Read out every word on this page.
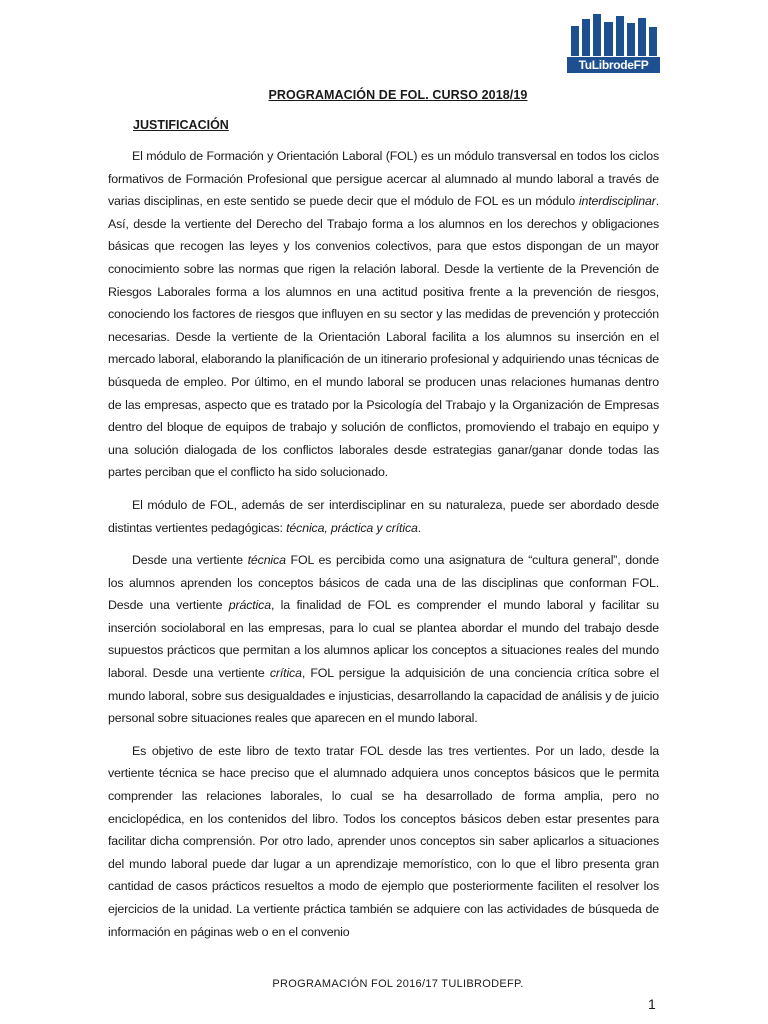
TuLibrodeFP
PROGRAMACIÓN DE FOL. CURSO 2018/19
JUSTIFICACIÓN

El módulo de Formación y Orientación Laboral (FOL) es un módulo transversal en todos los ciclos formativos de Formación Profesional que persigue acercar al alumnado al mundo laboral a través de varias disciplinas, en este sentido se puede decir que el módulo de FOL es un módulo interdisciplinar. Así, desde la vertiente del Derecho del Trabajo forma a los alumnos en los derechos y obligaciones básicas que recogen las leyes y los convenios colectivos, para que estos dispongan de un mayor conocimiento sobre las normas que rigen la relación laboral. Desde la vertiente de la Prevención de Riesgos Laborales forma a los alumnos en una actitud positiva frente a la prevención de riesgos, conociendo los factores de riesgos que influyen en su sector y las medidas de prevención y protección necesarias. Desde la vertiente de la Orientación Laboral facilita a los alumnos su inserción en el mercado laboral, elaborando la planificación de un itinerario profesional y adquiriendo unas técnicas de búsqueda de empleo. Por último, en el mundo laboral se producen unas relaciones humanas dentro de las empresas, aspecto que es tratado por la Psicología del Trabajo y la Organización de Empresas dentro del bloque de equipos de trabajo y solución de conflictos, promoviendo el trabajo en equipo y una solución dialogada de los conflictos laborales desde estrategias ganar/ganar donde todas las partes perciban que el conflicto ha sido solucionado.

El módulo de FOL, además de ser interdisciplinar en su naturaleza, puede ser abordado desde distintas vertientes pedagógicas: técnica, práctica y crítica.

Desde una vertiente técnica FOL es percibida como una asignatura de “cultura general”, donde los alumnos aprenden los conceptos básicos de cada una de las disciplinas que conforman FOL. Desde una vertiente práctica, la finalidad de FOL es comprender el mundo laboral y facilitar su inserción sociolaboral en las empresas, para lo cual se plantea abordar el mundo del trabajo desde supuestos prácticos que permitan a los alumnos aplicar los conceptos a situaciones reales del mundo laboral. Desde una vertiente crítica, FOL persigue la adquisición de una conciencia crítica sobre el mundo laboral, sobre sus desigualdades e injusticias, desarrollando la capacidad de análisis y de juicio personal sobre situaciones reales que aparecen en el mundo laboral.

Es objetivo de este libro de texto tratar FOL desde las tres vertientes. Por un lado, desde la vertiente técnica se hace preciso que el alumnado adquiera unos conceptos básicos que le permita comprender las relaciones laborales, lo cual se ha desarrollado de forma amplia, pero no enciclopédica, en los contenidos del libro. Todos los conceptos básicos deben estar presentes para facilitar dicha comprensión. Por otro lado, aprender unos conceptos sin saber aplicarlos a situaciones del mundo laboral puede dar lugar a un aprendizaje memorístico, con lo que el libro presenta gran cantidad de casos prácticos resueltos a modo de ejemplo que posteriormente faciliten el resolver los ejercicios de la unidad. La vertiente práctica también se adquiere con las actividades de búsqueda de información en páginas web o en el convenio

PROGRAMACIÓN FOL 2016/17 TULIBRODEFP.
1
